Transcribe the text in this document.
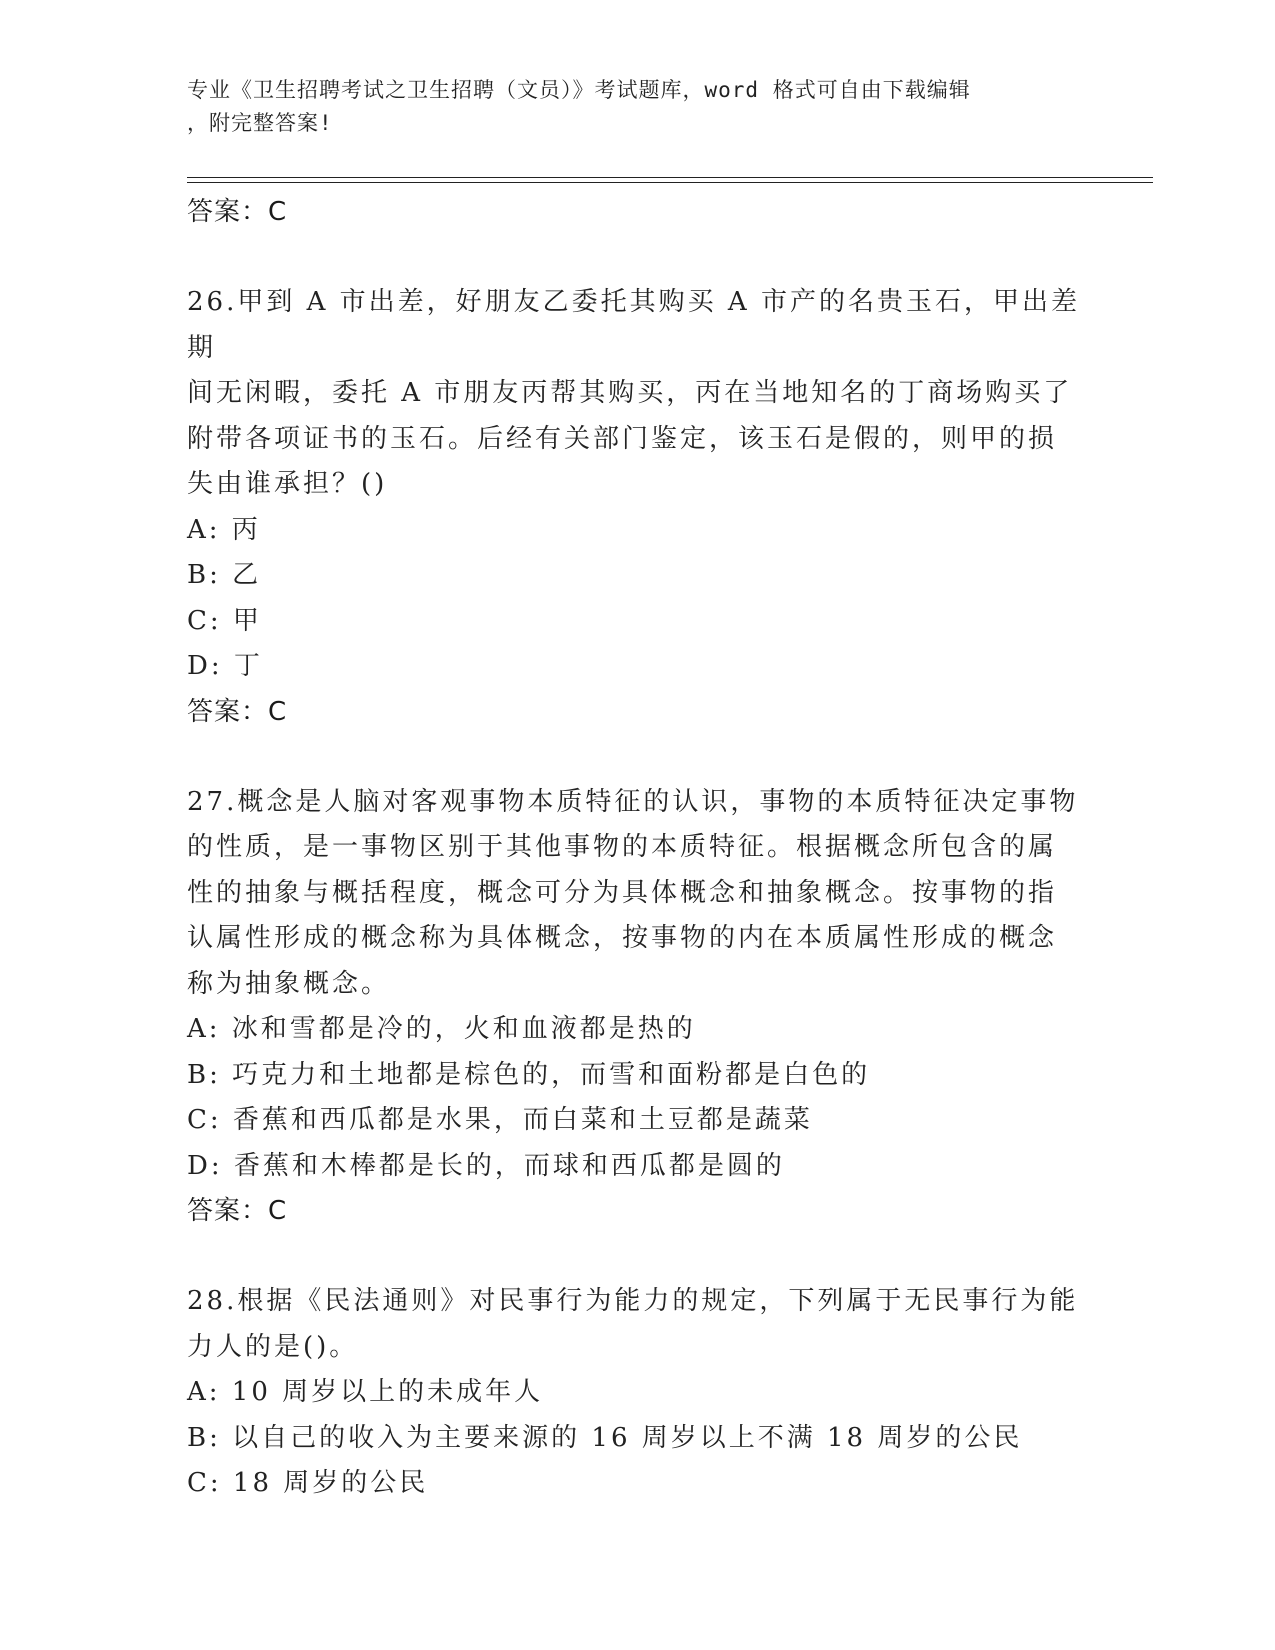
专业《卫生招聘考试之卫生招聘（文员）》考试题库，word 格式可自由下载编辑
，附完整答案!
答案：C
26.甲到 A 市出差，好朋友乙委托其购买 A 市产的名贵玉石，甲出差期
间无闲暇，委托 A 市朋友丙帮其购买，丙在当地知名的丁商场购买了
附带各项证书的玉石。后经有关部门鉴定，该玉石是假的，则甲的损
失由谁承担？()
A: 丙
B: 乙
C: 甲
D: 丁
答案：C
27.概念是人脑对客观事物本质特征的认识，事物的本质特征决定事物
的性质，是一事物区别于其他事物的本质特征。根据概念所包含的属
性的抽象与概括程度，概念可分为具体概念和抽象概念。按事物的指
认属性形成的概念称为具体概念，按事物的内在本质属性形成的概念
称为抽象概念。
A: 冰和雪都是冷的，火和血液都是热的
B: 巧克力和土地都是棕色的，而雪和面粉都是白色的
C: 香蕉和西瓜都是水果，而白菜和土豆都是蔬菜
D: 香蕉和木棒都是长的，而球和西瓜都是圆的
答案：C
28.根据《民法通则》对民事行为能力的规定，下列属于无民事行为能
力人的是()。
A: 10 周岁以上的未成年人
B: 以自己的收入为主要来源的 16 周岁以上不满 18 周岁的公民
C: 18 周岁的公民
